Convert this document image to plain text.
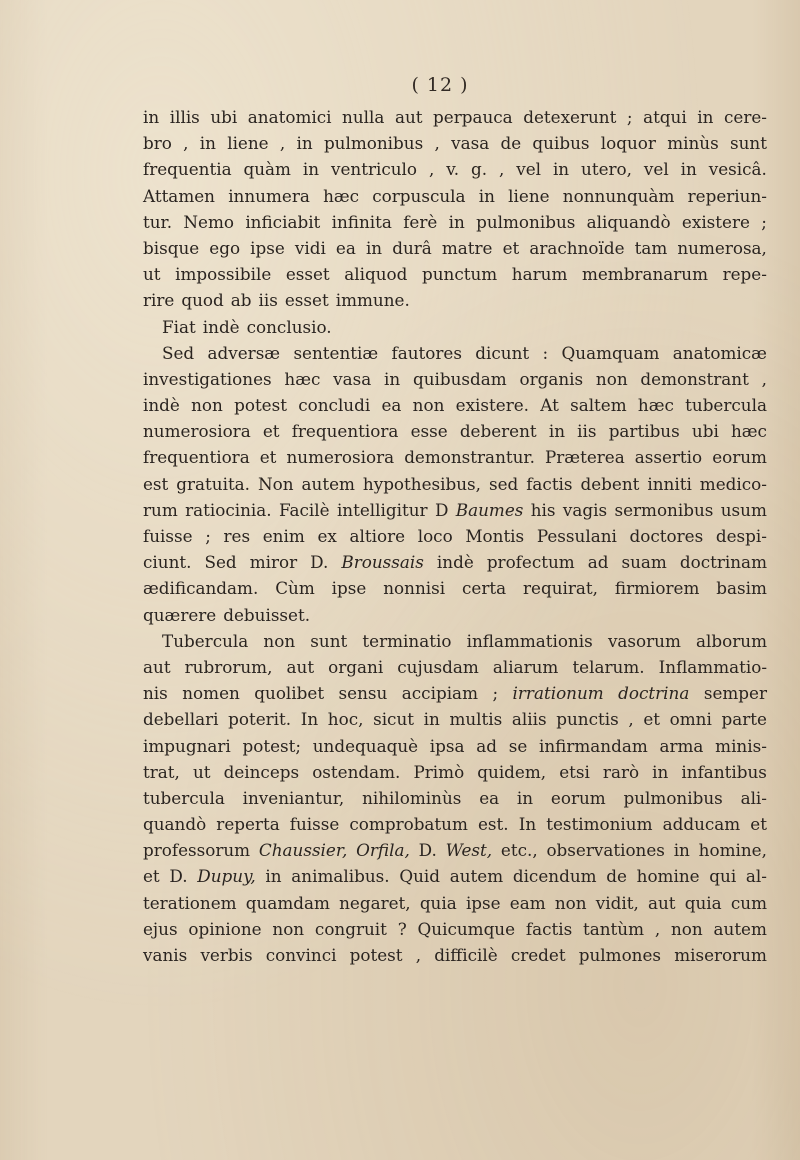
( 12 )
in illis ubi anatomici nulla aut perpauca detexerunt ; atqui in cere-
bro , in liene , in pulmonibus , vasa de quibus loquor minùs sunt
frequentia quàm in ventriculo , v. g. , vel in utero, vel in vesicâ.
Attamen innumera hæc corpuscula in liene nonnunquàm reperiun-
tur. Nemo inficiabit infinita ferè in pulmonibus aliquandò existere ;
bisque ego ipse vidi ea in durâ matre et arachnoïde tam numerosa,
ut impossibile esset aliquod punctum harum membranarum repe-
rire quod ab iis esset immune.
Fiat indè conclusio.
Sed adversæ sententiæ fautores dicunt : Quamquam anatomicæ
investigationes hæc vasa in quibusdam organis non demonstrant ,
indè non potest concludi ea non existere. At saltem hæc tubercula
numerosiora et frequentiora esse deberent in iis partibus ubi hæc
frequentiora et numerosiora demonstrantur. Præterea assertio eorum
est gratuita. Non autem hypothesibus, sed factis debent inniti medico-
rum ratiocinia. Facilè intelligitur D Baumes his vagis sermonibus usum
fuisse ; res enim ex altiore loco Montis Pessulani doctores despi-
ciunt. Sed miror D. Broussais indè profectum ad suam doctrinam
ædificandam. Cùm ipse nonnisi certa requirat, firmiorem basim
quærere debuisset.
Tubercula non sunt terminatio inflammationis vasorum alborum
aut rubrorum, aut organi cujusdam aliarum telarum. Inflammatio-
nis nomen quolibet sensu accipiam ; irrationum doctrina semper
debellari poterit. In hoc, sicut in multis aliis punctis , et omni parte
impugnari potest; undequaquè ipsa ad se infirmandam arma minis-
trat, ut deinceps ostendam. Primò quidem, etsi rarò in infantibus
tubercula inveniantur, nihilominùs ea in eorum pulmonibus ali-
quandò reperta fuisse comprobatum est. In testimonium adducam et
professorum Chaussier, Orfila, D. West, etc., observationes in homine,
et D. Dupuy, in animalibus. Quid autem dicendum de homine qui al-
terationem quamdam negaret, quia ipse eam non vidit, aut quia cum
ejus opinione non congruit ? Quicumque factis tantùm , non autem
vanis verbis convinci potest , difficilè credet pulmones miserorum
